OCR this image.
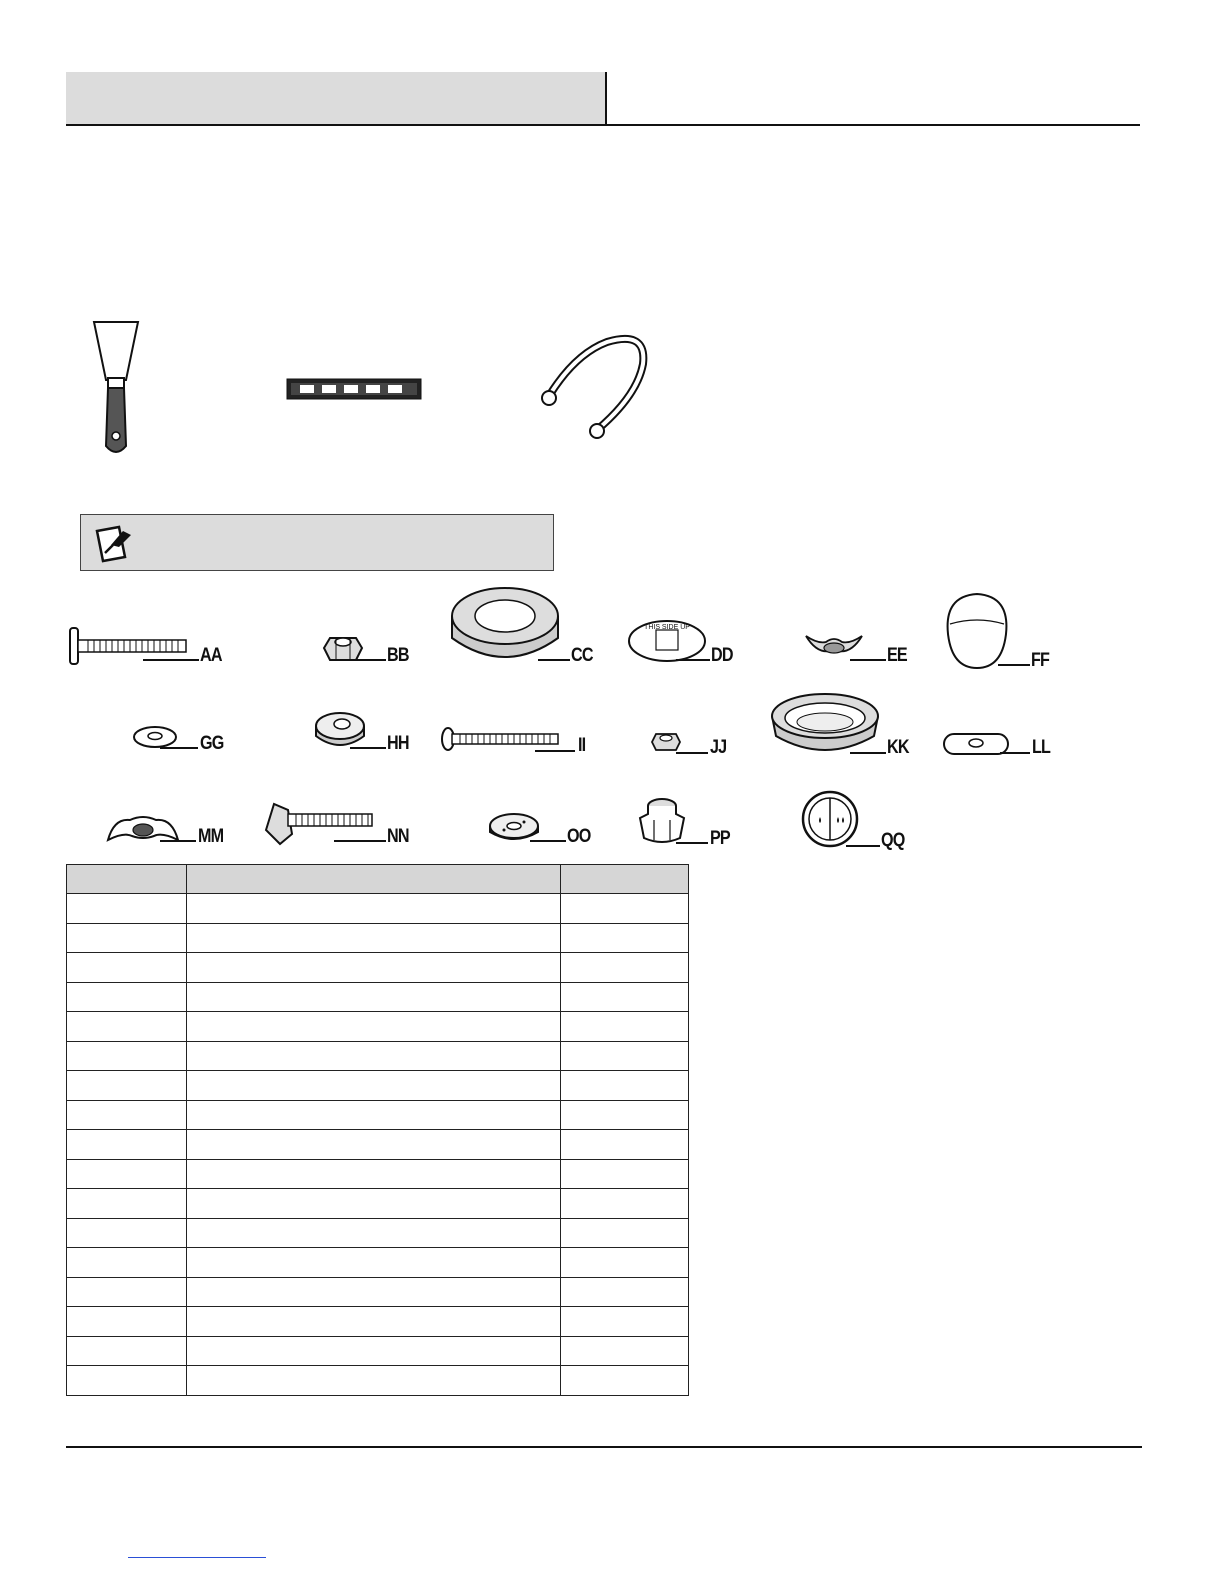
AA	BB	CC
THIS SIDE UP
DD	EE	FF
GG	HH	II	JJ	KK	LL
MM	NN	OO	PP	QQ
